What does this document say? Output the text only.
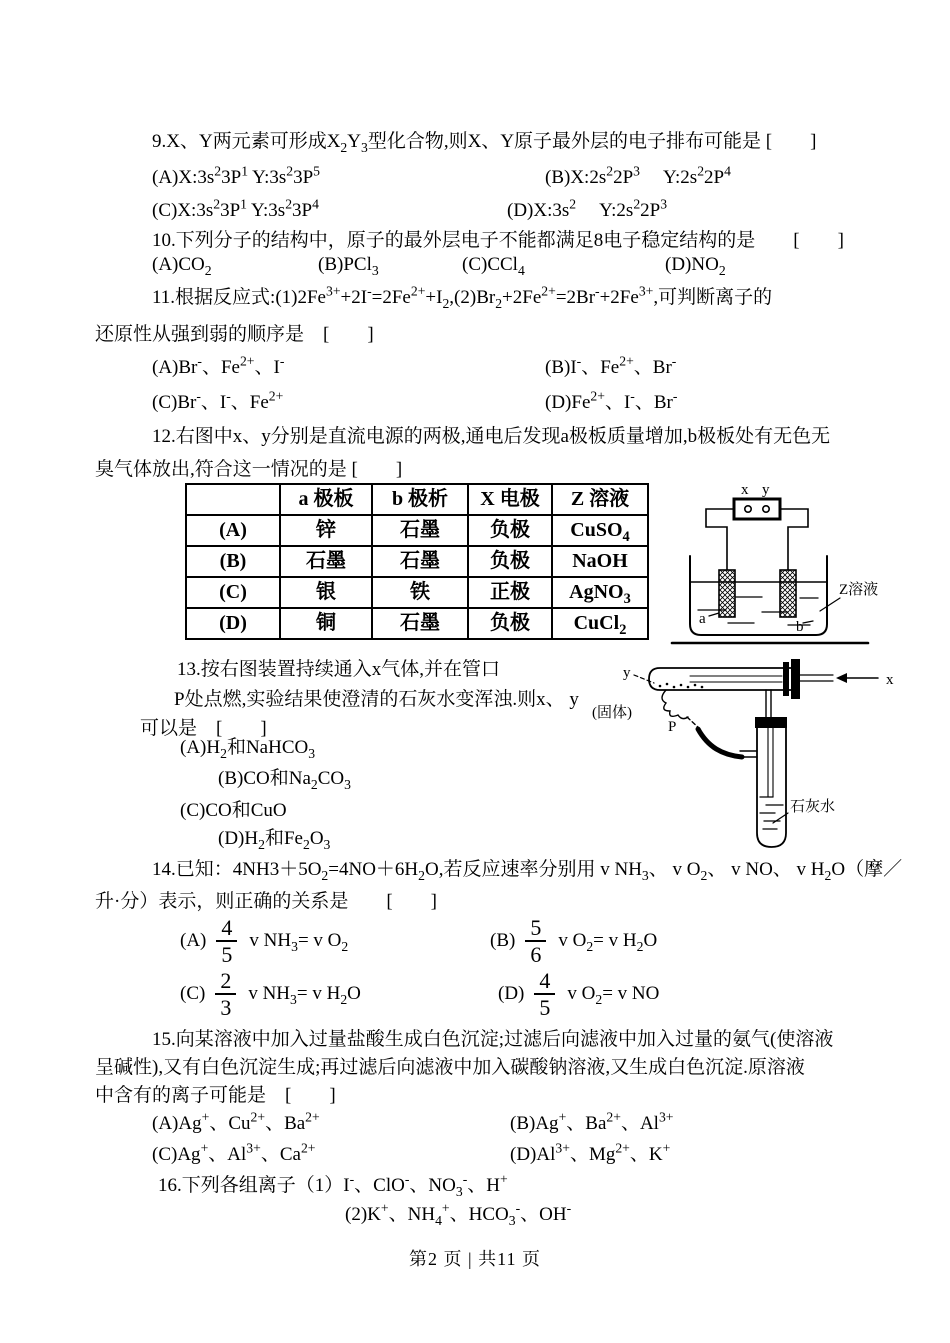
9.X、Y两元素可形成$X_2Y_3$型化合物,则X、Y原子最外层的电子排布可能是 [　　]
$(A)X:3s^23P^1$ $Y:3s^23P^5$	$(B)X:2s^22P^3$　 $Y:2s^22P^4$
$(C)X:3s^23P^1$ $Y:3s^23P^4$	$(D)X:3s^2$　 $Y:2s^22P^3$
10.下列分子的结构中，原子的最外层电子不能都满足8电子稳定结构的是　　[　　]
$(A)CO_2$	(B)PCl$_3$	(C)CCl$_4$	$(D)NO_2$
11.根据反应式$:(1)2Fe^{3+}+2I^-=2Fe^{2+}+I_2,(2)Br_2+2Fe^{2+}=2Br^-+2Fe^{3+}$,可判断离子的
还原性从强到弱的顺序是　[　　]
(A)Br-、$Fe^{2+}$、I-	(B)I-、$Fe^{2+}$、Br-
(C)Br-、I-、$Fe^{2+}$	$(D)Fe^{2+}$、I-、Br-
12.右图中x、y分别是直流电源的两极,通电后发现a极板质量增加,b极板处有无色无
臭气体放出,符合这一情况的是 [　　]
	a 极板	b 极析	X 电极	Z 溶液
(A)	锌	石墨	负极	CuSO$_4$
(B)	石墨	石墨	负极	NaOH
(C)	银	铁	正极	AgNO$_3$
(D)	铜	石墨	负极	CuCl$_2$
x y
a	b
Z溶液
13.按右图装置持续通入x气体,并在管口
P处点燃,实验结果使澄清的石灰水变浑浊.则x、 y
可以是　[　　]
$(A)H_2$和NaHCO$_3$
(B)CO和$Na_2CO_3$
(C)CO和CuO
$(D)H_2$和$Fe_2O_3$
y
(固体)
P
x
石灰水
14.已知：$4NH3+5O_2=4NO+6H_2O$,若反应速率分别用 v $NH_3$、 v $O_2$、 v NO、 v $H_2O$（摩／
升·分）表示，则正确的关系是　　[　　]
$(A) \frac{4}{5}$ v $NH_3= v$ $O_2$	$(B) \frac{5}{6}$ v $O_2= v$ $H_2O$
$(C) \frac{2}{3}$ v $NH_3= v$ $H_2O$	$(D) \frac{4}{5}$ v $O_2= v$ NO
15.向某溶液中加入过量盐酸生成白色沉淀;过滤后向滤液中加入过量的氨气(使溶液
呈碱性),又有白色沉淀生成;再过滤后向滤液中加入碳酸钠溶液,又生成白色沉淀.原溶液
中含有的离子可能是　[　　]
(A)Ag+、$Cu^{2+}$、$Ba^{2+}$	(B)Ag+、$Ba^{2+}$、$Al^{3+}$
(C)Ag+、$Al^{3+}$、$Ca^{2+}$	$(D)Al^{3+}$、$Mg^{2+}$、K+
16.下列各组离子（1）I-、ClO-、$NO_3^-$、H+
(2)K+、$NH_4^+$、$HCO_3^-$、OH-
第2 页 | 共11 页
